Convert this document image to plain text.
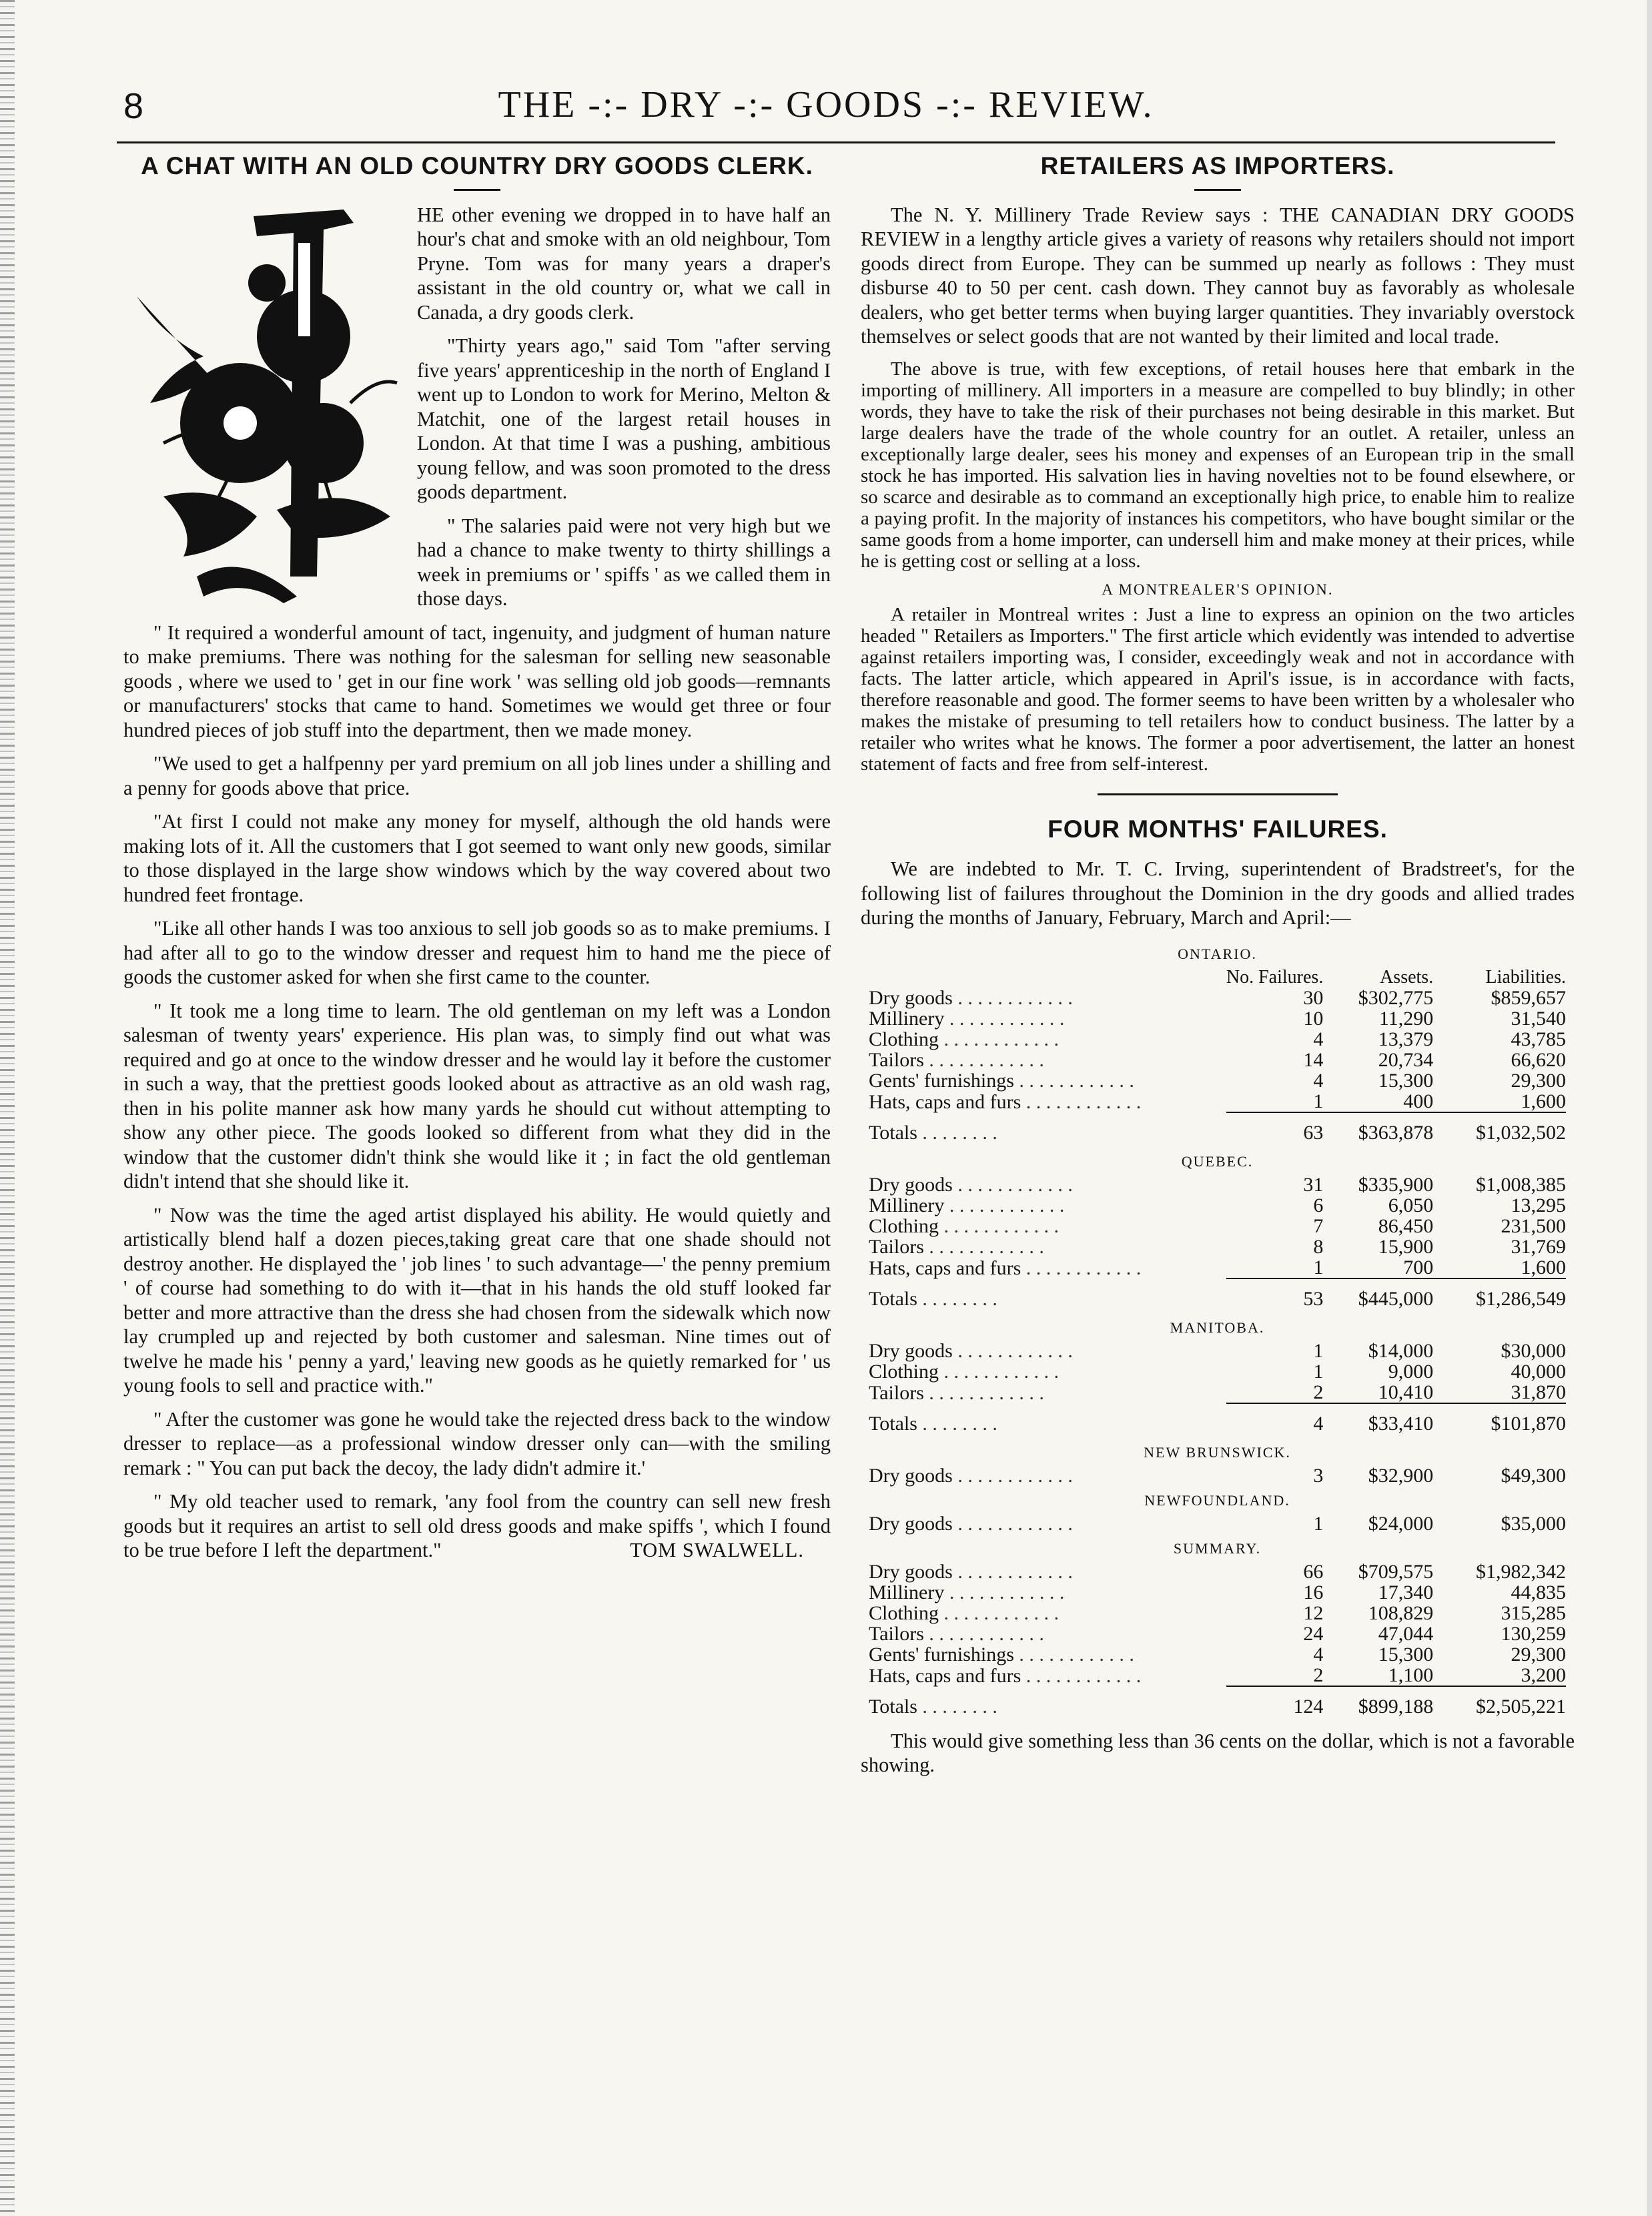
8	THE -:- DRY -:- GOODS -:- REVIEW.
A CHAT WITH AN OLD COUNTRY DRY GOODS CLERK.

HE other evening we dropped in to have half an hour's chat and smoke with an old neighbour, Tom Pryne. Tom was for many years a draper's assistant in the old country or, what we call in Canada, a dry goods clerk.

"Thirty years ago," said Tom "after serving five years' apprenticeship in the north of England I went up to London to work for Merino, Melton & Matchit, one of the largest retail houses in London. At that time I was a pushing, ambitious young fellow, and was soon promoted to the dress goods department.

" The salaries paid were not very high but we had a chance to make twenty to thirty shillings a week in premiums or ' spiffs ' as we called them in those days.

" It required a wonderful amount of tact, ingenuity, and judgment of human nature to make premiums. There was nothing for the salesman for selling new seasonable goods , where we used to ' get in our fine work ' was selling old job goods—remnants or manufacturers' stocks that came to hand. Sometimes we would get three or four hundred pieces of job stuff into the department, then we made money.

"We used to get a halfpenny per yard premium on all job lines under a shilling and a penny for goods above that price.

"At first I could not make any money for myself, although the old hands were making lots of it. All the customers that I got seemed to want only new goods, similar to those displayed in the large show windows which by the way covered about two hundred feet frontage.

"Like all other hands I was too anxious to sell job goods so as to make premiums. I had after all to go to the window dresser and request him to hand me the piece of goods the customer asked for when she first came to the counter.

" It took me a long time to learn. The old gentleman on my left was a London salesman of twenty years' experience. His plan was, to simply find out what was required and go at once to the window dresser and he would lay it before the customer in such a way, that the prettiest goods looked about as attractive as an old wash rag, then in his polite manner ask how many yards he should cut without attempting to show any other piece. The goods looked so different from what they did in the window that the customer didn't think she would like it ; in fact the old gentleman didn't intend that she should like it.

" Now was the time the aged artist displayed his ability. He would quietly and artistically blend half a dozen pieces,taking great care that one shade should not destroy another. He displayed the ' job lines ' to such advantage—' the penny premium ' of course had something to do with it—that in his hands the old stuff looked far better and more attractive than the dress she had chosen from the sidewalk which now lay crumpled up and rejected by both customer and salesman. Nine times out of twelve he made his ' penny a yard,' leaving new goods as he quietly remarked for ' us young fools to sell and practice with."

" After the customer was gone he would take the rejected dress back to the window dresser to replace—as a professional window dresser only can—with the smiling remark : " You can put back the decoy, the lady didn't admire it.'

" My old teacher used to remark, 'any fool from the country can sell new fresh goods but it requires an artist to sell old dress goods and make spiffs ', which I found to be true before I left the department."	TOM SWALWELL.

RETAILERS AS IMPORTERS.

The N. Y. Millinery Trade Review says : THE CANADIAN DRY GOODS REVIEW in a lengthy article gives a variety of reasons why retailers should not import goods direct from Europe. They can be summed up nearly as follows : They must disburse 40 to 50 per cent. cash down. They cannot buy as favorably as wholesale dealers, who get better terms when buying larger quantities. They invariably overstock themselves or select goods that are not wanted by their limited and local trade.

The above is true, with few exceptions, of retail houses here that embark in the importing of millinery. All importers in a measure are compelled to buy blindly; in other words, they have to take the risk of their purchases not being desirable in this market. But large dealers have the trade of the whole country for an outlet. A retailer, unless an exceptionally large dealer, sees his money and expenses of an European trip in the small stock he has imported. His salvation lies in having novelties not to be found elsewhere, or so scarce and desirable as to command an exceptionally high price, to enable him to realize a paying profit. In the majority of instances his competitors, who have bought similar or the same goods from a home importer, can undersell him and make money at their prices, while he is getting cost or selling at a loss.

A MONTREALER'S OPINION.

A retailer in Montreal writes : Just a line to express an opinion on the two articles headed " Retailers as Importers." The first article which evidently was intended to advertise against retailers importing was, I consider, exceedingly weak and not in accordance with facts. The latter article, which appeared in April's issue, is in accordance with facts, therefore reasonable and good. The former seems to have been written by a wholesaler who makes the mistake of presuming to tell retailers how to conduct business. The latter by a retailer who writes what he knows. The former a poor advertisement, the latter an honest statement of facts and free from self-interest.

FOUR MONTHS' FAILURES.

We are indebted to Mr. T. C. Irving, superintendent of Bradstreet's, for the following list of failures throughout the Dominion in the dry goods and allied trades during the months of January, February, March and April:—

ONTARIO.			
	No. Failures.	Assets.	Liabilities.
Dry goods . . . . . . . . . . . .	30	$302,775	$859,657
Millinery . . . . . . . . . . . .	10	11,290	31,540
Clothing . . . . . . . . . . . .	4	13,379	43,785
Tailors . . . . . . . . . . . .	14	20,734	66,620
Gents' furnishings . . . . . . . . . . . .	4	15,300	29,300
Hats, caps and furs . . . . . . . . . . . .	1	400	1,600

Totals . . . . . . . .	63	$363,878	$1,032,502
QUEBEC.			
Dry goods . . . . . . . . . . . .	31	$335,900	$1,008,385
Millinery . . . . . . . . . . . .	6	6,050	13,295
Clothing . . . . . . . . . . . .	7	86,450	231,500
Tailors . . . . . . . . . . . .	8	15,900	31,769
Hats, caps and furs . . . . . . . . . . . .	1	700	1,600

Totals . . . . . . . .	53	$445,000	$1,286,549
MANITOBA.			
Dry goods . . . . . . . . . . . .	1	$14,000	$30,000
Clothing . . . . . . . . . . . .	1	9,000	40,000
Tailors . . . . . . . . . . . .	2	10,410	31,870

Totals . . . . . . . .	4	$33,410	$101,870
NEW BRUNSWICK.			
Dry goods . . . . . . . . . . . .	3	$32,900	$49,300
NEWFOUNDLAND.			
Dry goods . . . . . . . . . . . .	1	$24,000	$35,000
SUMMARY.			
Dry goods . . . . . . . . . . . .	66	$709,575	$1,982,342
Millinery . . . . . . . . . . . .	16	17,340	44,835
Clothing . . . . . . . . . . . .	12	108,829	315,285
Tailors . . . . . . . . . . . .	24	47,044	130,259
Gents' furnishings . . . . . . . . . . . .	4	15,300	29,300
Hats, caps and furs . . . . . . . . . . . .	2	1,100	3,200

Totals . . . . . . . .	124	$899,188	$2,505,221

This would give something less than 36 cents on the dollar, which is not a favorable showing.
